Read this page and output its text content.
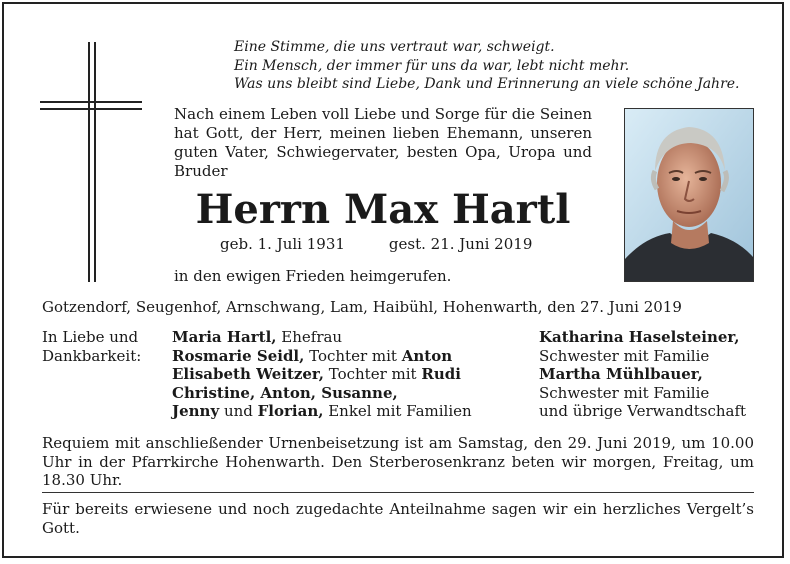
Eine Stimme, die uns vertraut war, schweigt.
Ein Mensch, der immer für uns da war, lebt nicht mehr.
Was uns bleibt sind Liebe, Dank und Erinnerung an viele schöne Jahre.
Nach einem Leben voll Liebe und Sorge für die Seinen hat Gott, der Herr, meinen lieben Ehemann, unseren guten Vater, Schwiegervater, besten Opa, Uropa und Bruder
Herrn Max Hartl
geb. 1. Juli 1931	gest. 21. Juni 2019
in den ewigen Frieden heimgerufen.
Gotzendorf, Seugenhof, Arnschwang, Lam, Haibühl, Hohenwarth, den 27. Juni 2019
In Liebe und
Dankbarkeit:
Maria Hartl, Ehefrau
Rosmarie Seidl, Tochter mit Anton
Elisabeth Weitzer, Tochter mit Rudi
Christine, Anton, Susanne,
Jenny und Florian, Enkel mit Familien
Katharina Haselsteiner,
Schwester mit Familie
Martha Mühlbauer,
Schwester mit Familie
und übrige Verwandtschaft
Requiem mit anschließender Urnenbeisetzung ist am Samstag, den 29. Juni 2019, um 10.00 Uhr in der Pfarrkirche Hohenwarth. Den Sterberosenkranz beten wir morgen, Freitag, um 18.30 Uhr.
Für bereits erwiesene und noch zugedachte Anteilnahme sagen wir ein herzliches Vergelt’s Gott.
